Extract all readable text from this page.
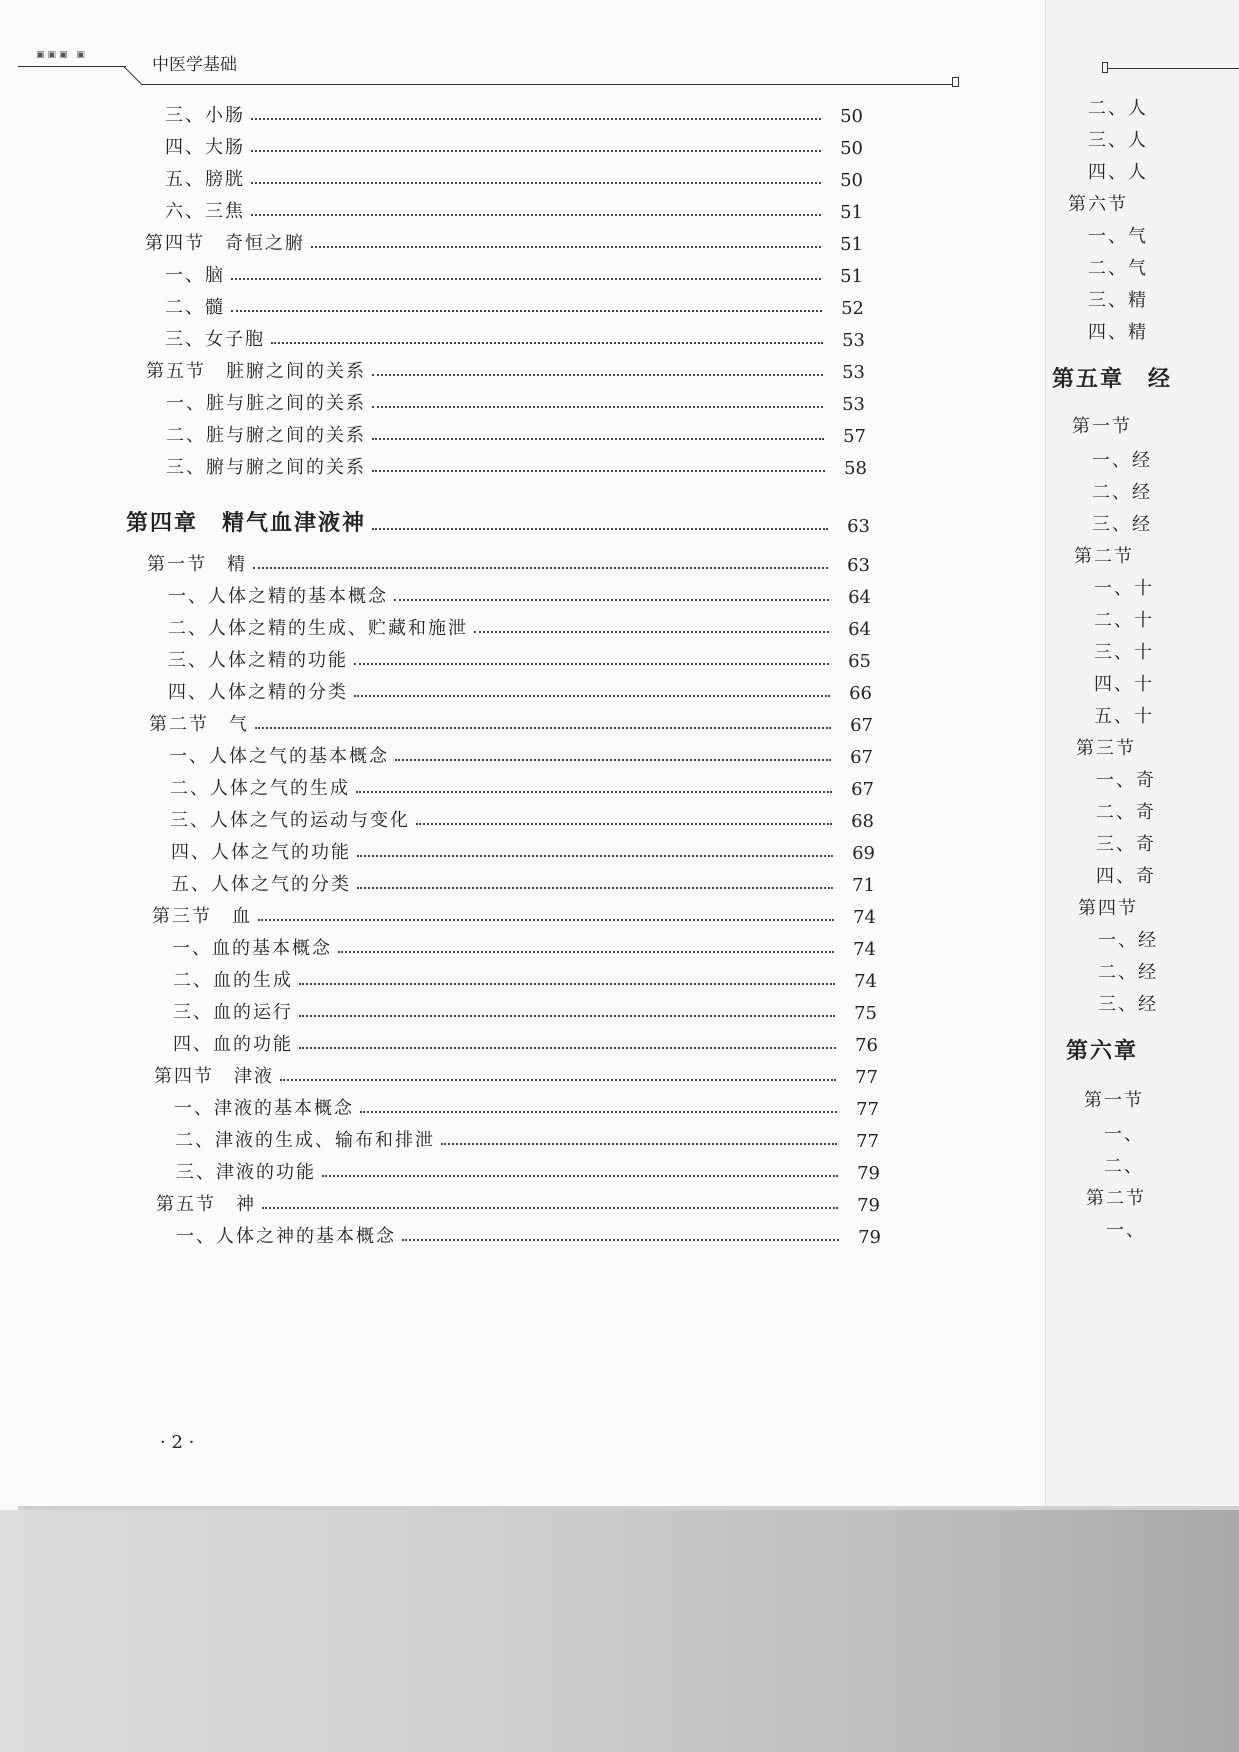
▣▣▣ ▣	中医学基础
三、小肠	50
四、大肠	50
五、膀胱	50
六、三焦	51
第四节　奇恒之腑	51
一、脑	51
二、髓	52
三、女子胞	53
第五节　脏腑之间的关系	53
一、脏与脏之间的关系	53
二、脏与腑之间的关系	57
三、腑与腑之间的关系	58
第四章　精气血津液神	63
第一节　精	63
一、人体之精的基本概念	64
二、人体之精的生成、贮藏和施泄	64
三、人体之精的功能	65
四、人体之精的分类	66
第二节　气	67
一、人体之气的基本概念	67
二、人体之气的生成	67
三、人体之气的运动与变化	68
四、人体之气的功能	69
五、人体之气的分类	71
第三节　血	74
一、血的基本概念	74
二、血的生成	74
三、血的运行	75
四、血的功能	76
第四节　津液	77
一、津液的基本概念	77
二、津液的生成、输布和排泄	77
三、津液的功能	79
第五节　神	79
一、人体之神的基本概念	79
· 2 ·
二、人
三、人
四、人
第六节
一、气
二、气
三、精
四、精
第五章　经
第一节
一、经
二、经
三、经
第二节
一、十
二、十
三、十
四、十
五、十
第三节
一、奇
二、奇
三、奇
四、奇
第四节
一、经
二、经
三、经
第六章
第一节
一、
二、
第二节
一、
